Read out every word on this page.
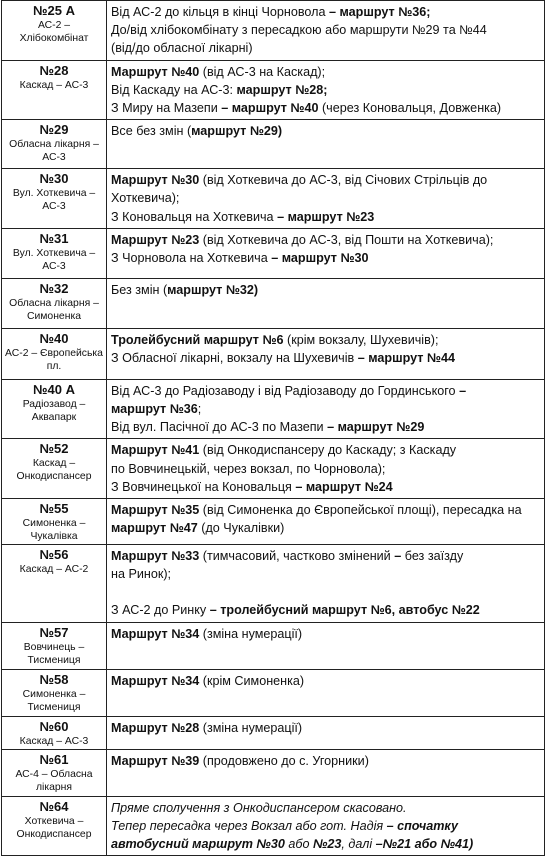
№25 А
АС-2 – Хлібокомбінат	Від АС-2 до кільця в кінці Чорновола – маршрут №36;
До/від хлібокомбінату з пересадкою або маршрути №29 та №44
(від/до обласної лікарні)

№28
Каскад – АС-3	Маршрут №40 (від АС-3 на Каскад);
Від Каскаду на АС-3: маршрут №28;
З Миру на Мазепи – маршрут №40 (через Коновальця, Довженка)

№29
Обласна лікарня – АС-3	Все без змін (маршрут №29)

№30
Вул. Хоткевича – АС-3	Маршрут №30 (від Хоткевича до АС-3, від Січових Стрільців до
Хоткевича);
З Коновальця на Хоткевича – маршрут №23

№31
Вул. Хоткевича – АС-3	Маршрут №23 (від Хоткевича до АС-3, від Пошти на Хоткевича);
З Чорновола на Хоткевича – маршрут №30

№32
Обласна лікарня – Симоненка	Без змін (маршрут №32)

№40
АС-2 – Європейська пл.	Тролейбусний маршрут №6 (крім вокзалу, Шухевичів);
З Обласної лікарні, вокзалу на Шухевичів – маршрут №44

№40 А
Радіозавод – Аквапарк	Від АС-3 до Радіозаводу і від Радіозаводу до Гординського –
маршрут №36;
Від вул. Пасічної до АС-3 по Мазепи – маршрут №29

№52
Каскад – Онкодиспансер	Маршрут №41 (від Онкодиспансеру до Каскаду; з Каскаду
по Вовчинецькій, через вокзал, по Чорновола);
З Вовчинецької на Коновальця – маршрут №24

№55
Симоненка – Чукалівка	Маршрут №35 (від Симоненка до Європейської площі), пересадка на
маршрут №47 (до Чукалівки)

№56
Каскад – АС-2	Маршрут №33 (тимчасовий, частково змінений – без заїзду
на Ринок);
З АС-2 до Ринку – тролейбусний маршрут №6, автобус №22

№57
Вовчинець – Тисмениця	Маршрут №34 (зміна нумерації)

№58
Симоненка – Тисмениця	Маршрут №34 (крім Симоненка)

№60
Каскад – АС-3	Маршрут №28 (зміна нумерації)

№61
АС-4 – Обласна лікарня	Маршрут №39 (продовжено до с. Угорники)

№64
Хоткевича – Онкодиспансер	Пряме сполучення з Онкодиспансером скасовано.
Тепер пересадка через Вокзал або гот. Надія – спочатку
автобусний маршрут №30 або №23, далі –№21 або №41)
